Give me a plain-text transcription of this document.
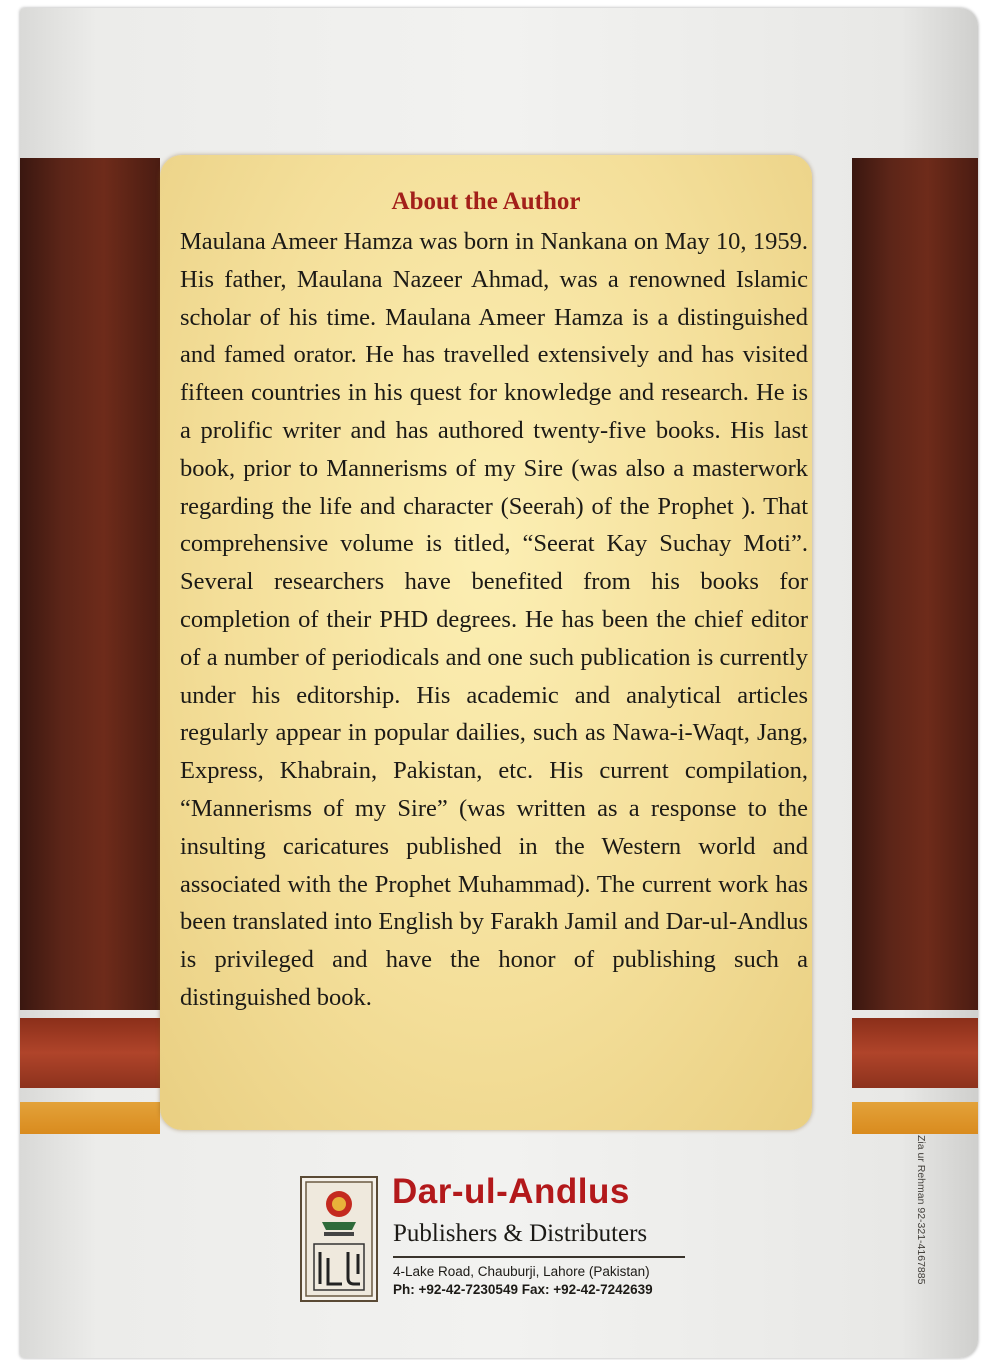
About the Author

Maulana Ameer Hamza was born in Nankana on May 10, 1959. His father, Maulana Nazeer Ahmad, was a renowned Islamic scholar of his time. Maulana Ameer Hamza is a distinguished and famed orator. He has travelled extensively and has visited fifteen countries in his quest for knowledge and research. He is a prolific writer and has authored twenty-five books. His last book, prior to Mannerisms of my Sire (was also a masterwork regarding the life and character (Seerah) of the Prophet ). That comprehensive volume is titled, “Seerat Kay Suchay Moti”. Several researchers have benefited from his books for completion of their PHD degrees. He has been the chief editor of a number of periodicals and one such publication is currently under his editorship. His academic and analytical articles regularly appear in popular dailies, such as Nawa-i-Waqt, Jang, Express, Khabrain, Pakistan, etc. His current compilation, “Mannerisms of my Sire” (was written as a response to the insulting caricatures published in the Western world and associated with the Prophet Muhammad). The current work has been translated into English by Farakh Jamil and Dar-ul-Andlus is privileged and have the honor of publishing such a distinguished book.

Dar-ul-Andlus

Publishers & Distributers

4-Lake Road, Chauburji, Lahore (Pakistan)

Ph: +92-42-7230549 Fax: +92-42-7242639

Zia ur Rehman 92-321-4167885
